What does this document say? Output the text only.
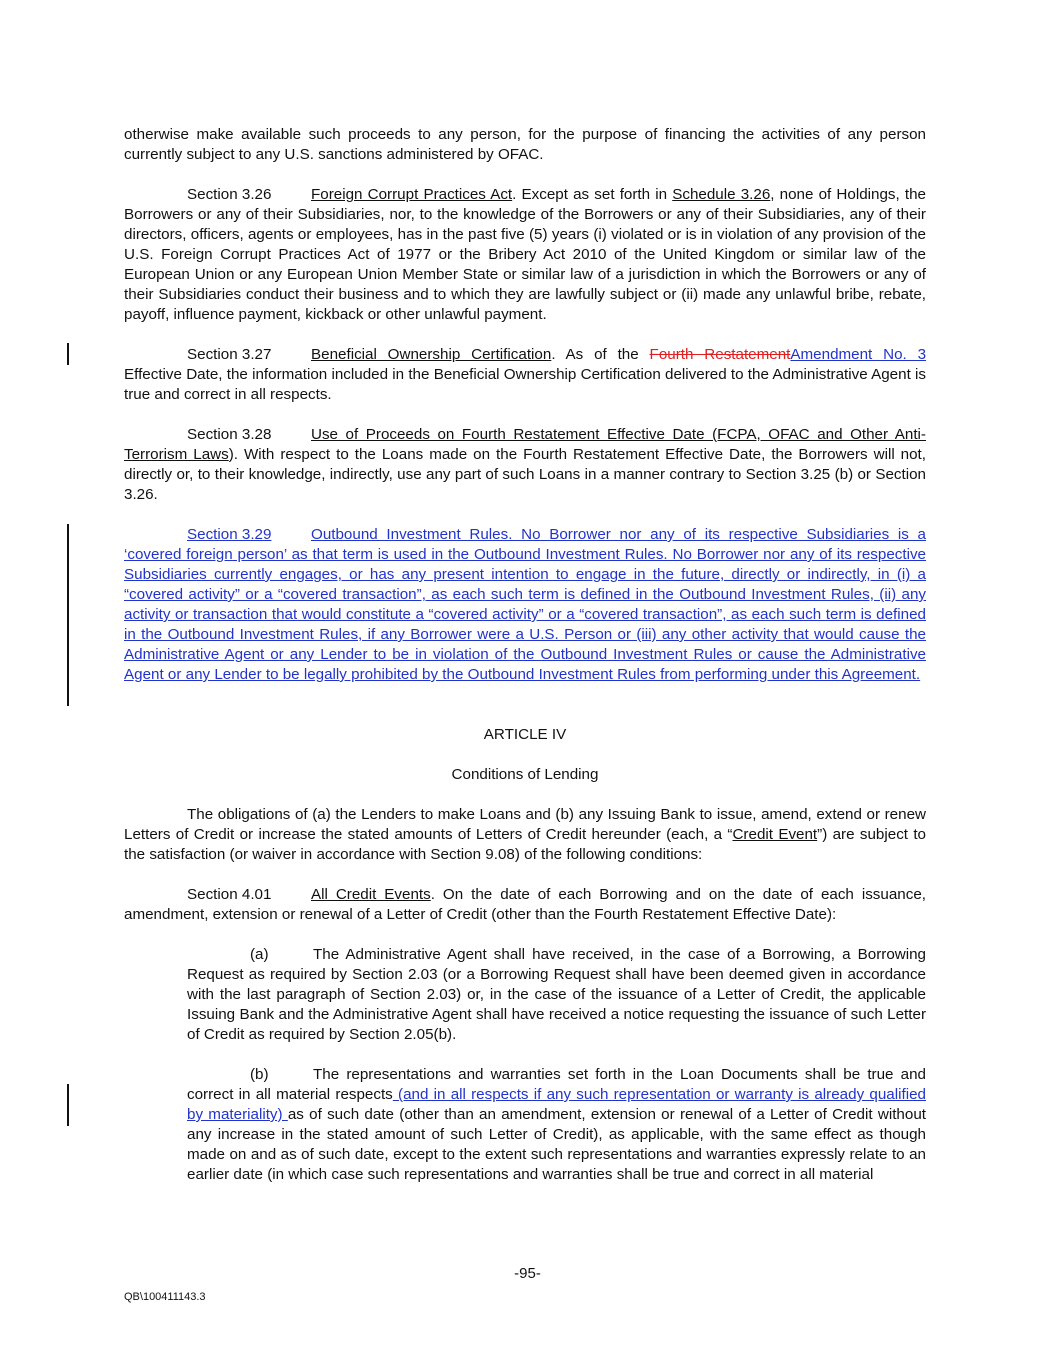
otherwise make available such proceeds to any person, for the purpose of financing the activities of any person currently subject to any U.S. sanctions administered by OFAC.

Section 3.26	Foreign Corrupt Practices Act. Except as set forth in Schedule 3.26, none of Holdings, the Borrowers or any of their Subsidiaries, nor, to the knowledge of the Borrowers or any of their Subsidiaries, any of their directors, officers, agents or employees, has in the past five (5) years (i) violated or is in violation of any provision of the U.S. Foreign Corrupt Practices Act of 1977 or the Bribery Act 2010 of the United Kingdom or similar law of the European Union or any European Union Member State or similar law of a jurisdiction in which the Borrowers or any of their Subsidiaries conduct their business and to which they are lawfully subject or (ii) made any unlawful bribe, rebate, payoff, influence payment, kickback or other unlawful payment.

Section 3.27	Beneficial Ownership Certification. As of the Fourth RestatementAmendment No. 3 Effective Date, the information included in the Beneficial Ownership Certification delivered to the Administrative Agent is true and correct in all respects.

Section 3.28	Use of Proceeds on Fourth Restatement Effective Date (FCPA, OFAC and Other Anti-Terrorism Laws). With respect to the Loans made on the Fourth Restatement Effective Date, the Borrowers will not, directly or, to their knowledge, indirectly, use any part of such Loans in a manner contrary to Section 3.25 (b) or Section 3.26.

Section 3.29	Outbound Investment Rules. No Borrower nor any of its respective Subsidiaries is a ‘covered foreign person’ as that term is used in the Outbound Investment Rules. No Borrower nor any of its respective Subsidiaries currently engages, or has any present intention to engage in the future, directly or indirectly, in (i) a “covered activity” or a “covered transaction”, as each such term is defined in the Outbound Investment Rules, (ii) any activity or transaction that would constitute a “covered activity” or a “covered transaction”, as each such term is defined in the Outbound Investment Rules, if any Borrower were a U.S. Person or (iii) any other activity that would cause the Administrative Agent or any Lender to be in violation of the Outbound Investment Rules or cause the Administrative Agent or any Lender to be legally prohibited by the Outbound Investment Rules from performing under this Agreement.

ARTICLE IV
Conditions of Lending

The obligations of (a) the Lenders to make Loans and (b) any Issuing Bank to issue, amend, extend or renew Letters of Credit or increase the stated amounts of Letters of Credit hereunder (each, a “Credit Event”) are subject to the satisfaction (or waiver in accordance with Section 9.08) of the following conditions:

Section 4.01	All Credit Events. On the date of each Borrowing and on the date of each issuance, amendment, extension or renewal of a Letter of Credit (other than the Fourth Restatement Effective Date):

(a)	The Administrative Agent shall have received, in the case of a Borrowing, a Borrowing Request as required by Section 2.03 (or a Borrowing Request shall have been deemed given in accordance with the last paragraph of Section 2.03) or, in the case of the issuance of a Letter of Credit, the applicable Issuing Bank and the Administrative Agent shall have received a notice requesting the issuance of such Letter of Credit as required by Section 2.05(b).

(b)	The representations and warranties set forth in the Loan Documents shall be true and correct in all material respects (and in all respects if any such representation or warranty is already qualified by materiality) as of such date (other than an amendment, extension or renewal of a Letter of Credit without any increase in the stated amount of such Letter of Credit), as applicable, with the same effect as though made on and as of such date, except to the extent such representations and warranties expressly relate to an earlier date (in which case such representations and warranties shall be true and correct in all material

-95-
QB\100411143.3
